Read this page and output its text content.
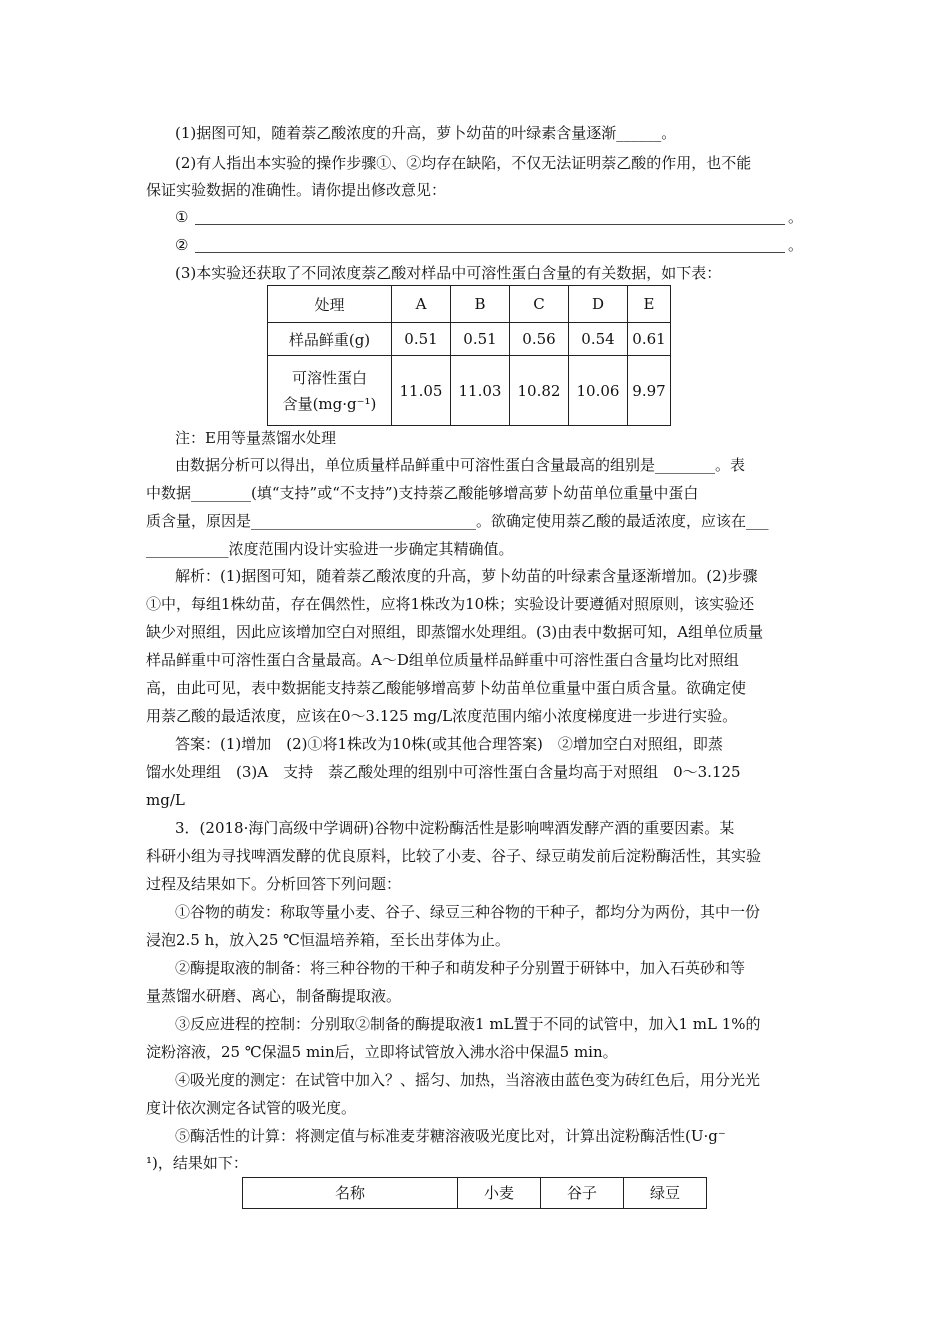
(1)据图可知，随着萘乙酸浓度的升高，萝卜幼苗的叶绿素含量逐渐______。
(2)有人指出本实验的操作步骤①、②均存在缺陷，不仅无法证明萘乙酸的作用，也不能
保证实验数据的准确性。请你提出修改意见：
①	。
②	。
(3)本实验还获取了不同浓度萘乙酸对样品中可溶性蛋白含量的有关数据，如下表：
处理	A	B	C	D	E
样品鲜重(g)	0.51	0.51	0.56	0.54	0.61

可溶性蛋白
含量(mg·g⁻¹)	11.05	11.03	10.82	10.06	9.97
注：E用等量蒸馏水处理
由数据分析可以得出，单位质量样品鲜重中可溶性蛋白含量最高的组别是________。表
中数据________(填“支持”或“不支持”)支持萘乙酸能够增高萝卜幼苗单位重量中蛋白
质含量，原因是______________________________。欲确定使用萘乙酸的最适浓度，应该在___
___________浓度范围内设计实验进一步确定其精确值。
解析：(1)据图可知，随着萘乙酸浓度的升高，萝卜幼苗的叶绿素含量逐渐增加。(2)步骤
①中，每组1株幼苗，存在偶然性，应将1株改为10株；实验设计要遵循对照原则，该实验还
缺少对照组，因此应该增加空白对照组，即蒸馏水处理组。(3)由表中数据可知，A组单位质量
样品鲜重中可溶性蛋白含量最高。A～D组单位质量样品鲜重中可溶性蛋白含量均比对照组
高，由此可见，表中数据能支持萘乙酸能够增高萝卜幼苗单位重量中蛋白质含量。欲确定使
用萘乙酸的最适浓度，应该在0～3.125 mg/L浓度范围内缩小浓度梯度进一步进行实验。
答案：(1)增加　(2)①将1株改为10株(或其他合理答案)　②增加空白对照组，即蒸
馏水处理组　(3)A　支持　萘乙酸处理的组别中可溶性蛋白含量均高于对照组　0～3.125
mg/L
3．(2018·海门高级中学调研)谷物中淀粉酶活性是影响啤酒发酵产酒的重要因素。某
科研小组为寻找啤酒发酵的优良原料，比较了小麦、谷子、绿豆萌发前后淀粉酶活性，其实验
过程及结果如下。分析回答下列问题：
①谷物的萌发：称取等量小麦、谷子、绿豆三种谷物的干种子，都均分为两份，其中一份
浸泡2.5 h，放入25 ℃恒温培养箱，至长出芽体为止。
②酶提取液的制备：将三种谷物的干种子和萌发种子分别置于研钵中，加入石英砂和等
量蒸馏水研磨、离心，制备酶提取液。
③反应进程的控制：分别取②制备的酶提取液1 mL置于不同的试管中，加入1 mL 1%的
淀粉溶液，25 ℃保温5 min后，立即将试管放入沸水浴中保温5 min。
④吸光度的测定：在试管中加入？、摇匀、加热，当溶液由蓝色变为砖红色后，用分光光
度计依次测定各试管的吸光度。
⑤酶活性的计算：将测定值与标准麦芽糖溶液吸光度比对，计算出淀粉酶活性(U·g⁻
¹)，结果如下：
名称	小麦	谷子	绿豆
